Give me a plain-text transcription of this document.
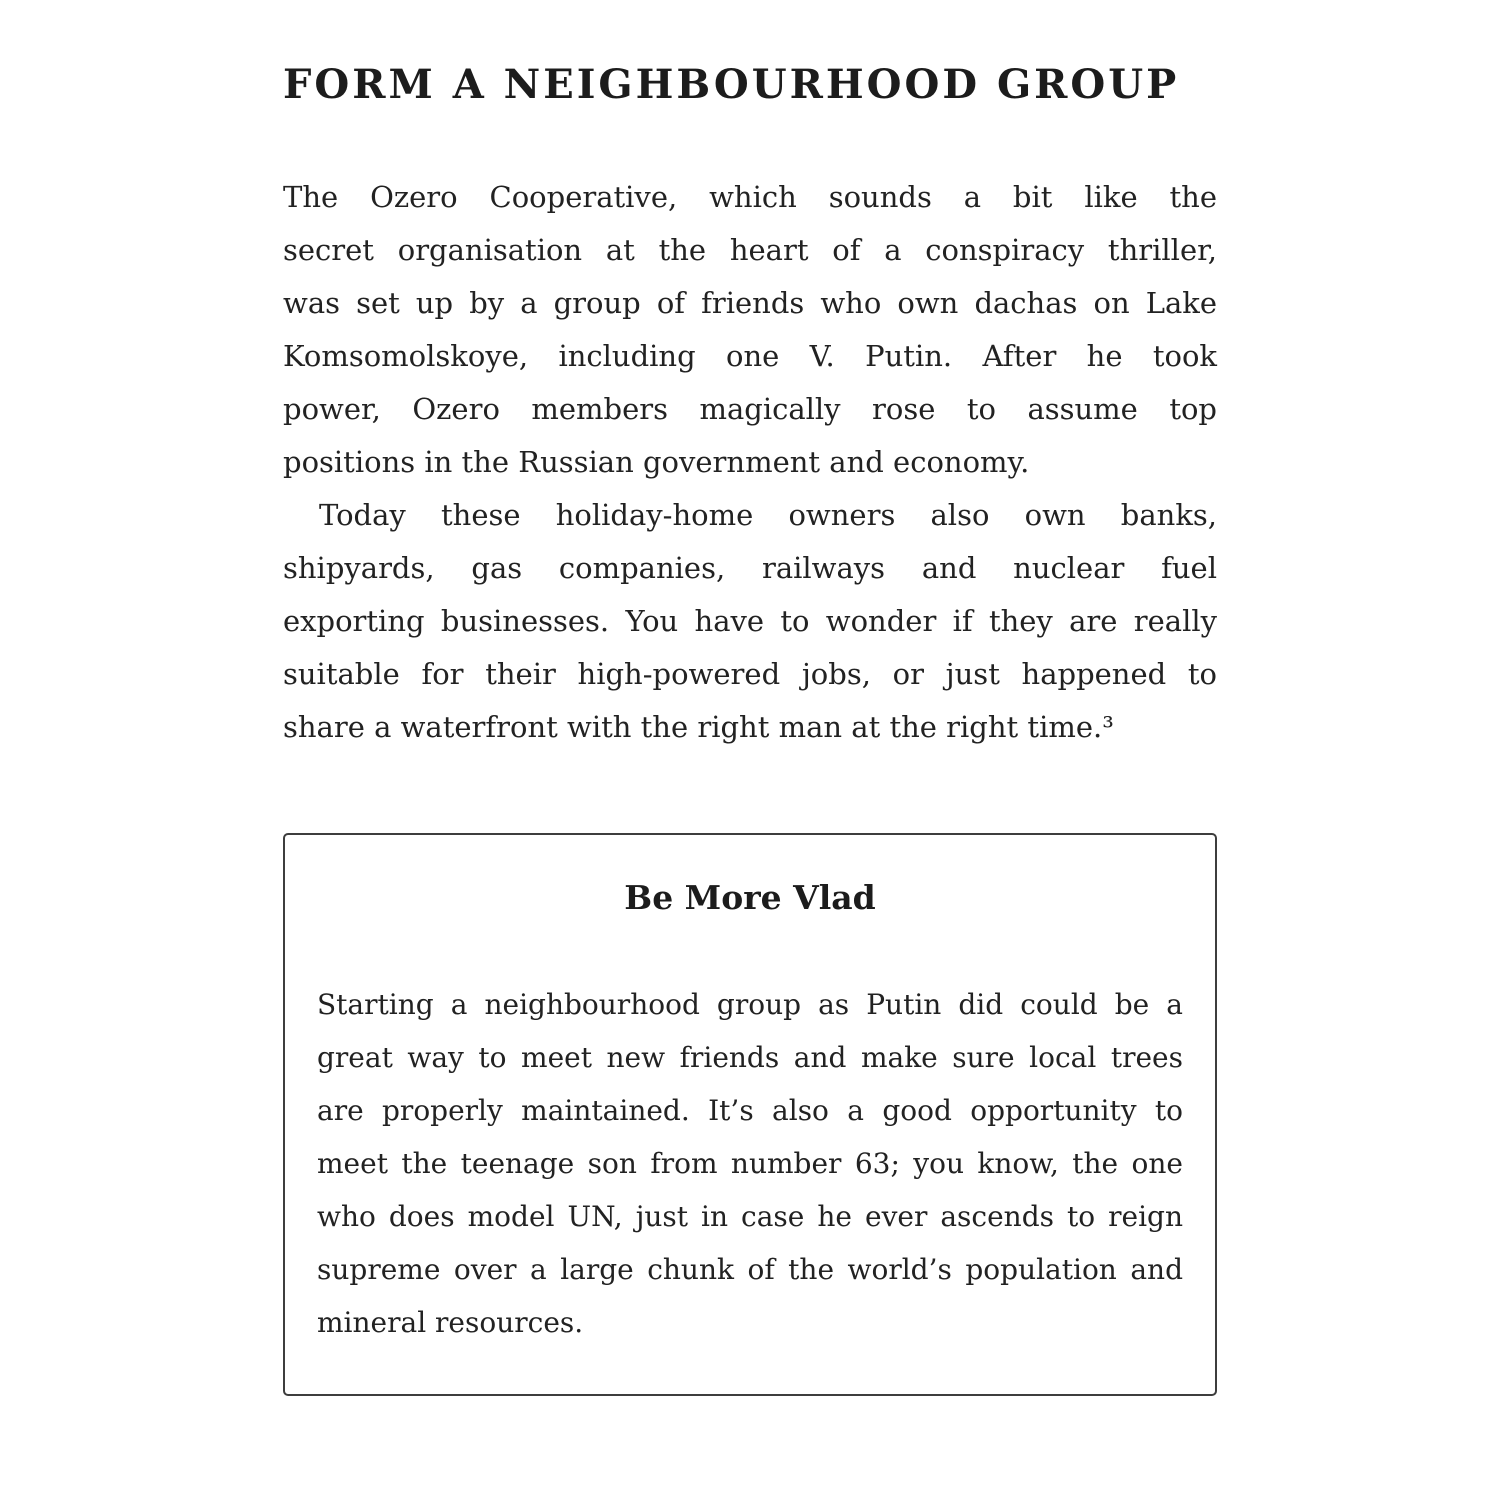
FORM A NEIGHBOURHOOD GROUP
The Ozero Cooperative, which sounds a bit like the
secret organisation at the heart of a conspiracy thriller,
was set up by a group of friends who own dachas on Lake
Komsomolskoye, including one V. Putin. After he took
power, Ozero members magically rose to assume top
positions in the Russian government and economy.
Today these holiday-home owners also own banks,
shipyards, gas companies, railways and nuclear fuel
exporting businesses. You have to wonder if they are really
suitable for their high-powered jobs, or just happened to
share a waterfront with the right man at the right time.³
Be More Vlad
Starting a neighbourhood group as Putin did could be a
great way to meet new friends and make sure local trees
are properly maintained. It’s also a good opportunity to
meet the teenage son from number 63; you know, the one
who does model UN, just in case he ever ascends to reign
supreme over a large chunk of the world’s population and
mineral resources.
